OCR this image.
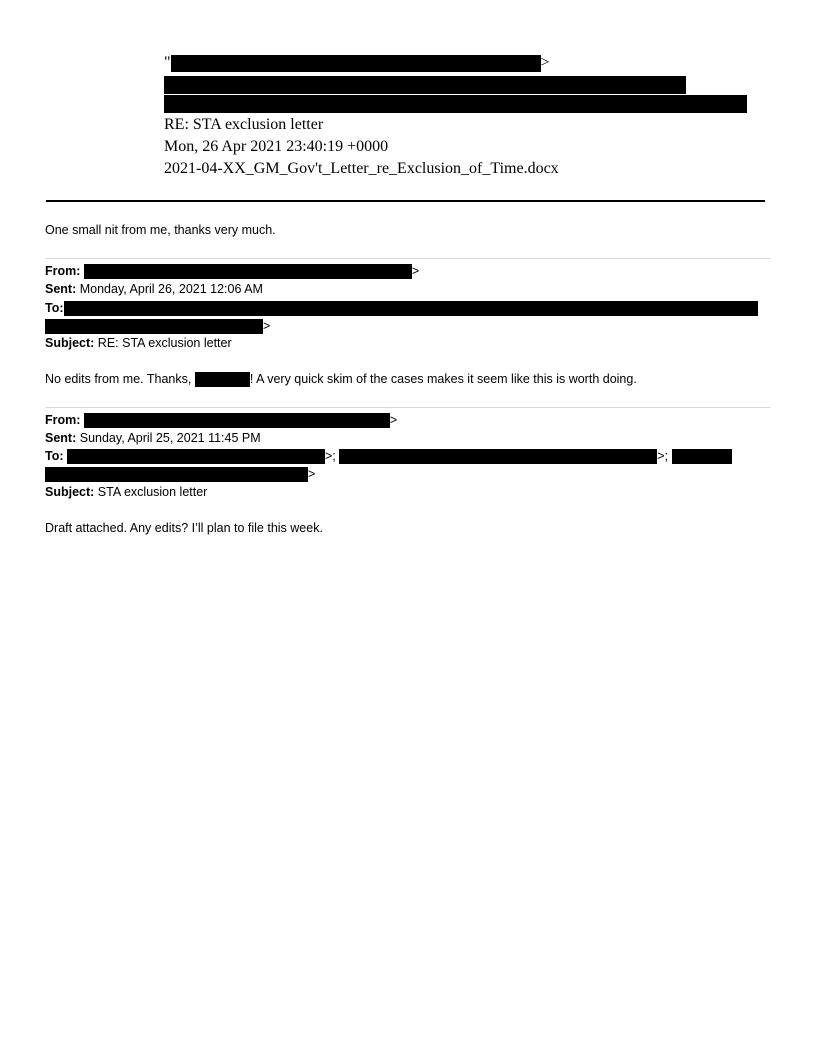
"	>
RE: STA exclusion letter
Mon, 26 Apr 2021 23:40:19 +0000
2021-04-XX_GM_Gov't_Letter_re_Exclusion_of_Time.docx
One small nit from me, thanks very much.
From:	>
Sent: Monday, April 26, 2021 12:06 AM
To:
>
Subject: RE: STA exclusion letter
No edits from me. Thanks,	! A very quick skim of the cases makes it seem like this is worth doing.
From:	>
Sent: Sunday, April 25, 2021 11:45 PM
To:	>;	>;
>
Subject: STA exclusion letter
Draft attached. Any edits? I’ll plan to file this week.
